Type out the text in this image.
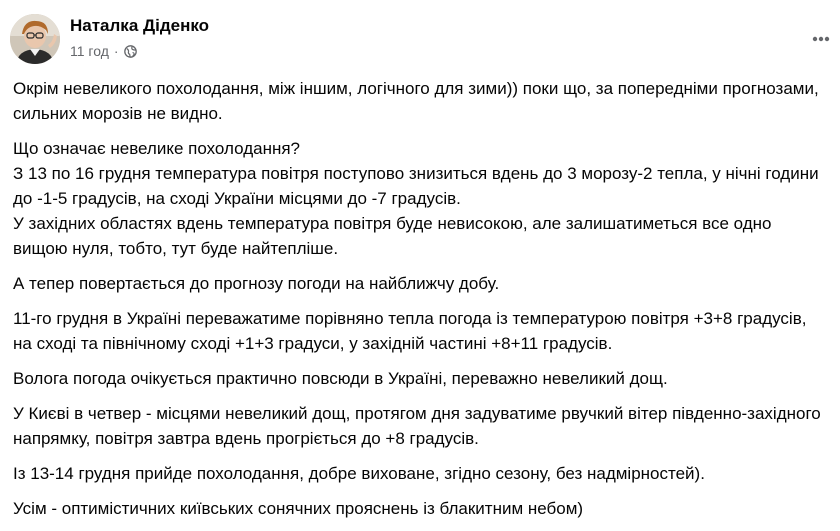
Наталка Діденко
11 год ·

Окрім невеликого похолодання, між іншим, логічного для зими)) поки що, за попередніми прогнозами, сильних морозів не видно.

Що означає невелике похолодання?
З 13 по 16 грудня температура повітря поступово знизиться вдень до 3 морозу-2 тепла, у нічні години до -1-5 градусів, на сході України місцями до -7 градусів.
У західних областях вдень температура повітря буде невисокою, але залишатиметься все одно вищою нуля, тобто, тут буде найтепліше.

А тепер повертається до прогнозу погоди на найближчу добу.

11-го грудня в Україні переважатиме порівняно тепла погода із температурою повітря +3+8 градусів, на сході та північному сході +1+3 градуси, у західній частині +8+11 градусів.

Волога погода очікується практично повсюди в Україні, переважно невеликий дощ.

У Києві в четвер - місцями невеликий дощ, протягом дня задуватиме рвучкий вітер південно-західного напрямку, повітря завтра вдень прогріється до +8 градусів.

Із 13-14 грудня прийде похолодання, добре виховане, згідно сезону, без надмірностей).

Усім - оптимістичних київських сонячних прояснень із блакитним небом)
